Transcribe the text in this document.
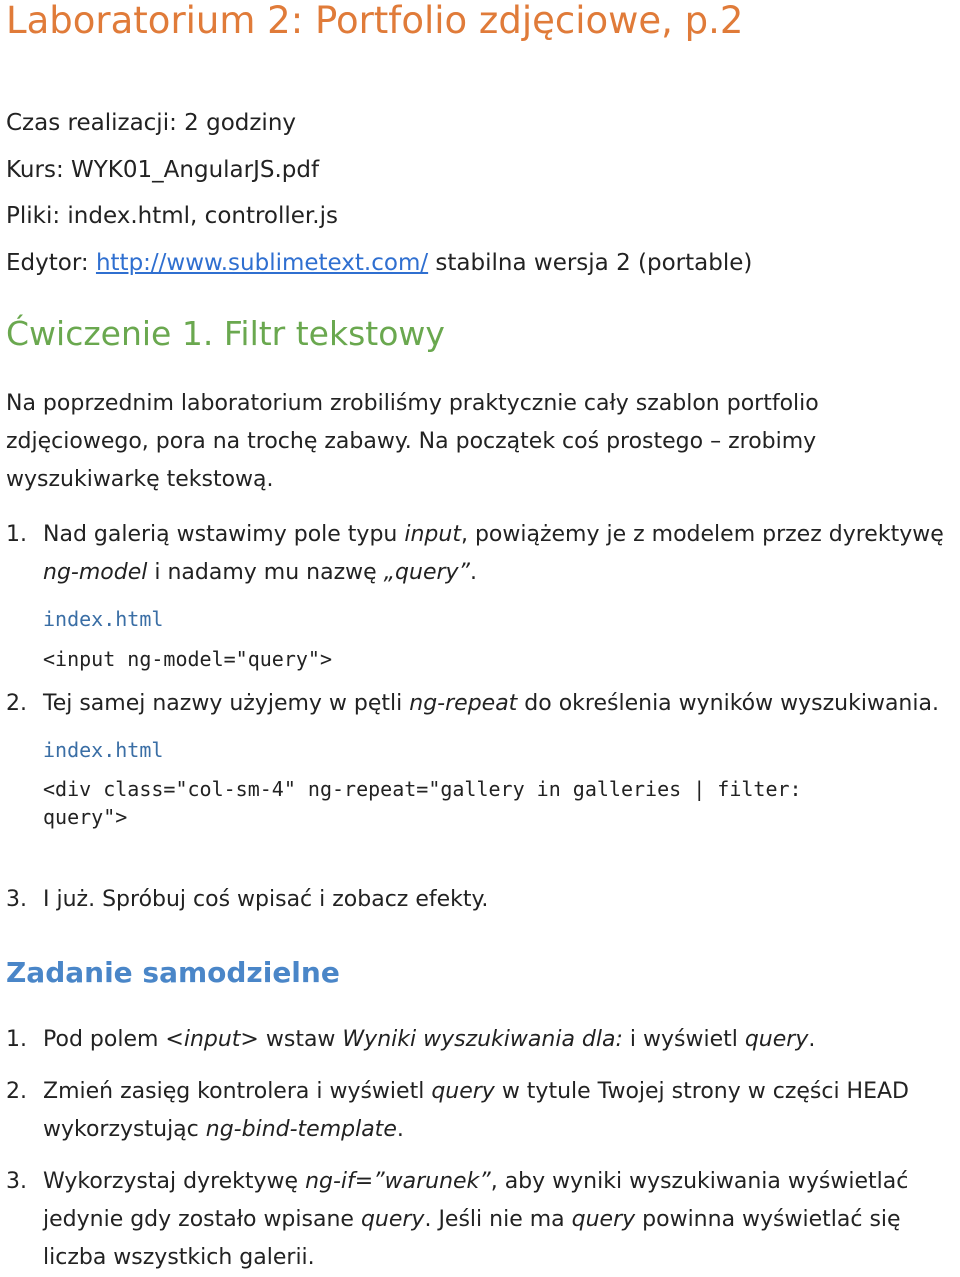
Laboratorium 2: Portfolio zdjęciowe, p.2
Czas realizacji: 2 godziny
Kurs: WYK01_AngularJS.pdf
Pliki: index.html, controller.js
Edytor: http://www.sublimetext.com/ stabilna wersja 2 (portable)
Ćwiczenie 1. Filtr tekstowy
Na poprzednim laboratorium zrobiliśmy praktycznie cały szablon portfolio zdjęciowego, pora na trochę zabawy. Na początek coś prostego – zrobimy wyszukiwarkę tekstową.
1. Nad galerią wstawimy pole typu input, powiążemy je z modelem przez dyrektywę
ng-model i nadamy mu nazwę „query”.
index.html
<input ng-model="query">
2. Tej samej nazwy użyjemy w pętli ng-repeat do określenia wyników wyszukiwania.
index.html
<div class="col-sm-4" ng-repeat="gallery in galleries | filter:
query">
3. I już. Spróbuj coś wpisać i zobacz efekty.
Zadanie samodzielne
1. Pod polem <input> wstaw Wyniki wyszukiwania dla: i wyświetl query.
2. Zmień zasięg kontrolera i wyświetl query w tytule Twojej strony w części HEAD
wykorzystując ng-bind-template.
3. Wykorzystaj dyrektywę ng-if=”warunek”, aby wyniki wyszukiwania wyświetlać
jedynie gdy zostało wpisane query. Jeśli nie ma query powinna wyświetlać się
liczba wszystkich galerii.
